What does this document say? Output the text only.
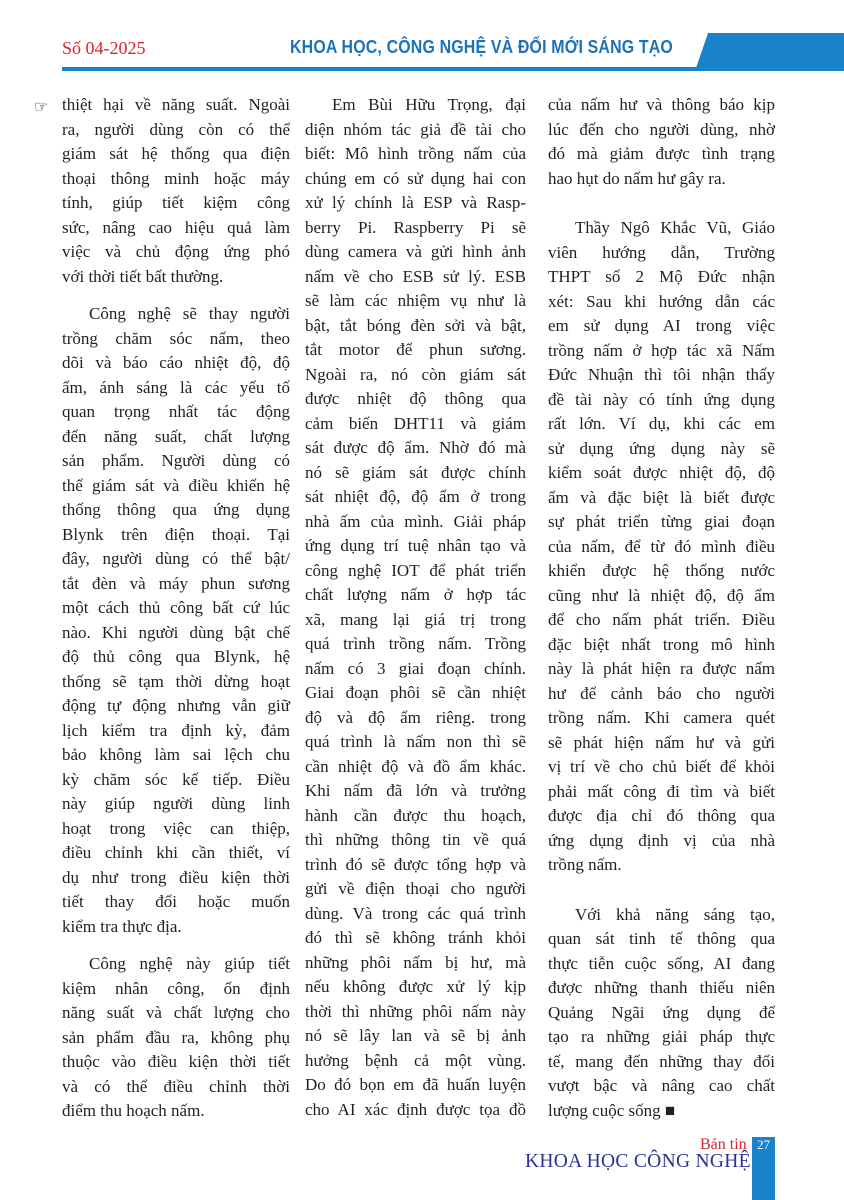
Số 04-2025	KHOA HỌC, CÔNG NGHỆ VÀ ĐỔI MỚI SÁNG TẠO
☞ thiệt hại về năng suất. Ngoài
ra, người dùng còn có thể
giám sát hệ thống qua điện
thoại thông minh hoặc máy
tính, giúp tiết kiệm công
sức, nâng cao hiệu quả làm
việc và chủ động ứng phó
với thời tiết bất thường.
Công nghệ sẽ thay người
trồng chăm sóc nấm, theo
dõi và báo cáo nhiệt độ, độ
ẩm, ánh sáng là các yếu tố
quan trọng nhất tác động
đến năng suất, chất lượng
sản phẩm. Người dùng có
thể giám sát và điều khiển hệ
thống thông qua ứng dụng
Blynk trên điện thoại. Tại
đây, người dùng có thể bật/
tắt đèn và máy phun sương
một cách thủ công bất cứ lúc
nào. Khi người dùng bật chế
độ thủ công qua Blynk, hệ
thống sẽ tạm thời dừng hoạt
động tự động nhưng vẫn giữ
lịch kiểm tra định kỳ, đảm
bảo không làm sai lệch chu
kỳ chăm sóc kế tiếp. Điều
này giúp người dùng linh
hoạt trong việc can thiệp,
điều chỉnh khi cần thiết, ví
dụ như trong điều kiện thời
tiết thay đổi hoặc muốn
kiểm tra thực địa.
Công nghệ này giúp tiết
kiệm nhân công, ổn định
năng suất và chất lượng cho
sản phẩm đầu ra, không phụ
thuộc vào điều kiện thời tiết
và có thể điều chỉnh thời
điểm thu hoạch nấm.
Em Bùi Hữu Trọng, đại
diện nhóm tác giả đề tài cho
biết: Mô hình trồng nấm của
chúng em có sử dụng hai con
xử lý chính là ESP và Rasp-
berry Pi. Raspberry Pi sẽ
dùng camera và gửi hình ảnh
nấm về cho ESB sử lý. ESB
sẽ làm các nhiệm vụ như là
bật, tắt bóng đèn sởi và bật,
tắt motor để phun sương.
Ngoài ra, nó còn giám sát
được nhiệt độ thông qua
cảm biến DHT11 và giám
sát được độ ẩm. Nhờ đó mà
nó sẽ giám sát được chính
sát nhiệt độ, độ ẩm ở trong
nhà ấm của mình. Giải pháp
ứng dụng trí tuệ nhân tạo và
công nghệ IOT để phát triển
chất lượng nấm ở hợp tác
xã, mang lại giá trị trong
quá trình trồng nấm. Trồng
nấm có 3 giai đoạn chính.
Giai đoạn phôi sẽ cần nhiệt
độ và độ ẩm riêng. trong
quá trình là nấm non thì sẽ
cần nhiệt độ và đồ ẩm khác.
Khi nấm đã lớn và trưởng
hành cần được thu hoạch,
thì những thông tin về quá
trình đó sẽ được tổng hợp và
gửi về điện thoại cho người
dùng. Và trong các quá trình
đó thì sẽ không tránh khỏi
những phôi nấm bị hư, mà
nếu không được xử lý kịp
thời thì những phôi nấm này
nó sẽ lây lan và sẽ bị ảnh
hưởng bệnh cả một vùng.
Do đó bọn em đã huấn luyện
cho AI xác định được tọa đồ
của nấm hư và thông báo kịp
lúc đến cho người dùng, nhờ
đó mà giảm được tình trạng
hao hụt do nấm hư gây ra.
Thầy Ngô Khắc Vũ, Giáo
viên hướng dẫn, Trường
THPT số 2 Mộ Đức nhận
xét: Sau khi hướng dẫn các
em sử dụng AI trong việc
trồng nấm ở hợp tác xã Nấm
Đức Nhuận thì tôi nhận thấy
đề tài này có tính ứng dụng
rất lớn. Ví dụ, khi các em
sử dụng ứng dụng này sẽ
kiểm soát được nhiệt độ, độ
ẩm và đặc biệt là biết được
sự phát triển từng giai đoạn
của nấm, để từ đó mình điều
khiển được hệ thống nước
cũng như là nhiệt độ, độ ẩm
để cho nấm phát triển. Điều
đặc biệt nhất trong mô hình
này là phát hiện ra được nấm
hư để cảnh báo cho người
trồng nấm. Khi camera quét
sẽ phát hiện nấm hư và gửi
vị trí về cho chủ biết để khỏi
phải mất công đi tìm và biết
được địa chỉ đó thông qua
ứng dụng định vị của nhà
trồng nấm.
Với khả năng sáng tạo,
quan sát tinh tế thông qua
thực tiễn cuộc sống, AI đang
được những thanh thiếu niên
Quảng Ngãi ứng dụng để
tạo ra những giải pháp thực
tế, mang đến những thay đổi
vượt bậc và nâng cao chất
lượng cuộc sống ■
Bản tin
KHOA HỌC CÔNG NGHỆ
27
